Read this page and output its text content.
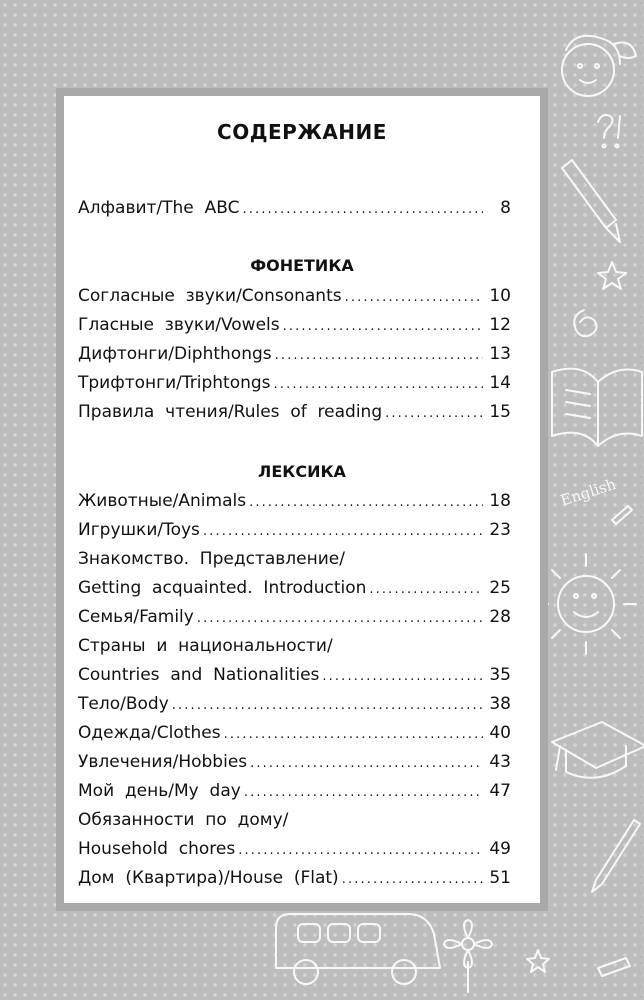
English
СОДЕРЖАНИЕ
Алфавит/The  ABC . . .	8
ФОНЕТИКА
Согласные  звуки/Consonants . . .	10
Гласные  звуки/Vowels . . .	12
Дифтонги/Diphthongs . . .	13
Трифтонги/Triphtongs . . .	14
Правила  чтения/Rules  of  reading . . .	15
ЛЕКСИКА
Животные/Animals . . .	18
Игрушки/Toys . . .	23
Знакомство.  Представление/
Getting  acquainted.  Introduction . . .	25
Семья/Family . . .	28
Страны  и  национальности/
Countries  and  Nationalities . . .	35
Тело/Body . . .	38
Одежда/Clothes . . .	40
Увлечения/Hobbies . . .	43
Мой  день/My  day . . .	47
Обязанности  по  дому/
Household  chores . . .	49
Дом  (Квартира)/House  (Flat) . . .	51
